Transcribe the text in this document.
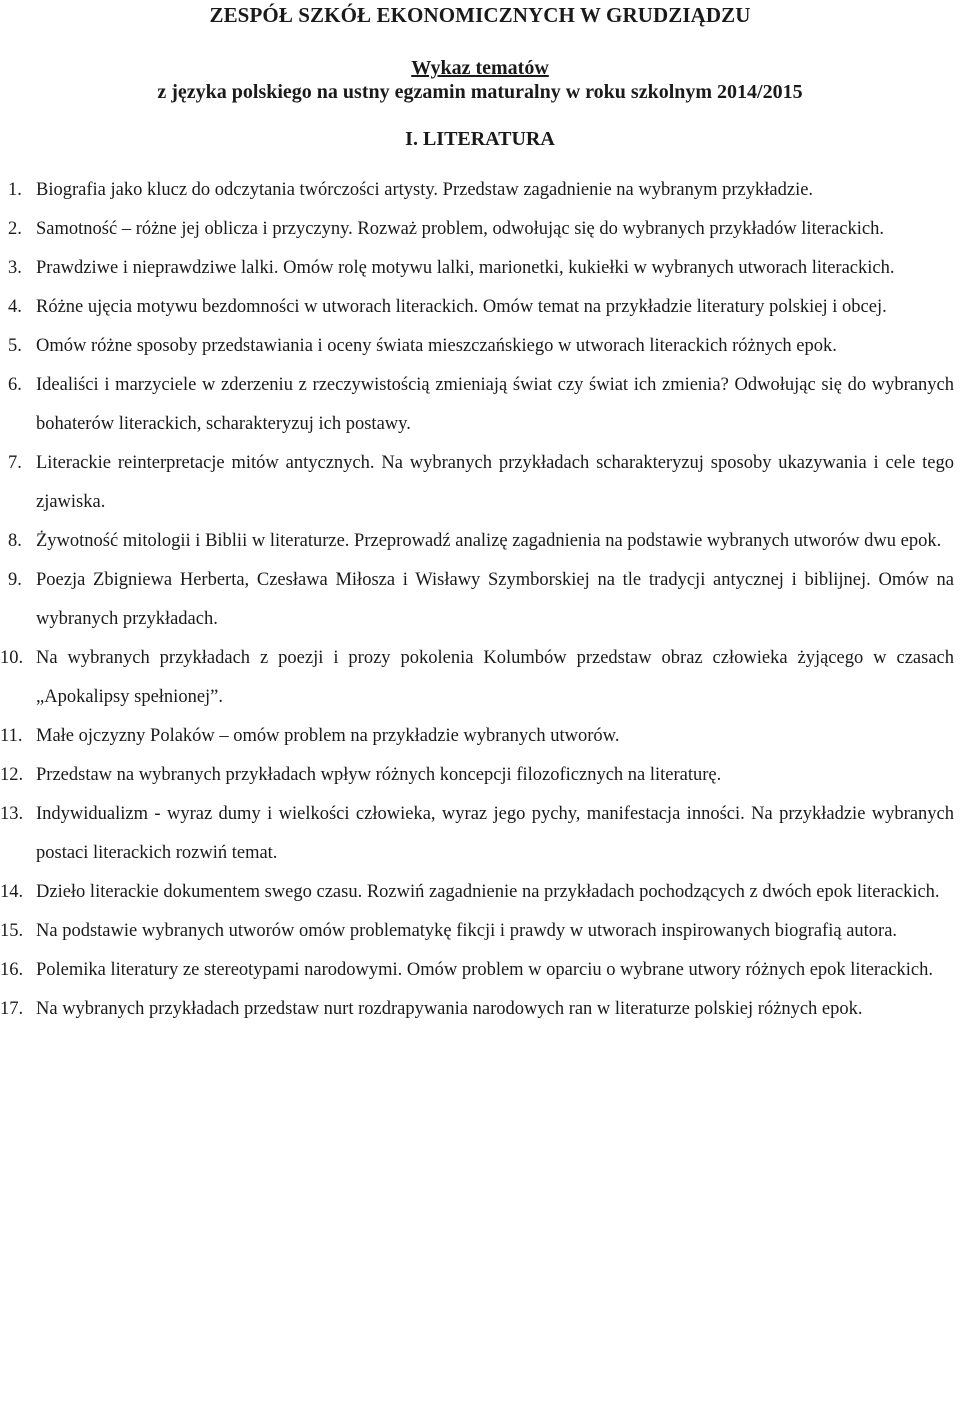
ZESPÓŁ SZKÓŁ EKONOMICZNYCH W GRUDZIĄDZU
Wykaz tematów
z języka polskiego na ustny egzamin maturalny w roku szkolnym 2014/2015
I. LITERATURA
1. Biografia jako klucz do odczytania twórczości artysty. Przedstaw zagadnienie na wybranym przykładzie.
2. Samotność – różne jej oblicza i przyczyny. Rozważ problem, odwołując się do wybranych przykładów literackich.
3. Prawdziwe i nieprawdziwe lalki. Omów rolę motywu lalki, marionetki, kukiełki w wybranych utworach literackich.
4. Różne ujęcia motywu bezdomności w utworach literackich. Omów temat na przykładzie literatury polskiej i obcej.
5. Omów różne sposoby przedstawiania i oceny świata mieszczańskiego w utworach literackich różnych epok.
6. Idealiści i marzyciele w zderzeniu z rzeczywistością zmieniają świat czy świat ich zmienia? Odwołując się do wybranych bohaterów literackich, scharakteryzuj ich postawy.
7. Literackie reinterpretacje mitów antycznych. Na wybranych przykładach scharakteryzuj sposoby ukazywania i cele tego zjawiska.
8. Żywotność mitologii i Biblii w literaturze. Przeprowadź analizę zagadnienia na podstawie wybranych utworów dwu epok.
9. Poezja Zbigniewa Herberta, Czesława Miłosza i Wisławy Szymborskiej na tle tradycji antycznej i biblijnej. Omów na wybranych przykładach.
10. Na wybranych przykładach z poezji i prozy pokolenia Kolumbów przedstaw obraz człowieka żyjącego w czasach „Apokalipsy spełnionej”.
11. Małe ojczyzny Polaków – omów problem na przykładzie wybranych utworów.
12. Przedstaw na wybranych przykładach wpływ różnych koncepcji filozoficznych na literaturę.
13. Indywidualizm - wyraz dumy i wielkości człowieka, wyraz jego pychy, manifestacja inności. Na przykładzie wybranych postaci literackich rozwiń temat.
14. Dzieło literackie dokumentem swego czasu. Rozwiń zagadnienie na przykładach pochodzących z dwóch epok literackich.
15. Na podstawie wybranych utworów omów problematykę fikcji i prawdy w utworach inspirowanych biografią autora.
16. Polemika literatury ze stereotypami narodowymi. Omów problem w oparciu o wybrane utwory różnych epok literackich.
17. Na wybranych przykładach przedstaw nurt rozdrapywania narodowych ran w literaturze polskiej różnych epok.
